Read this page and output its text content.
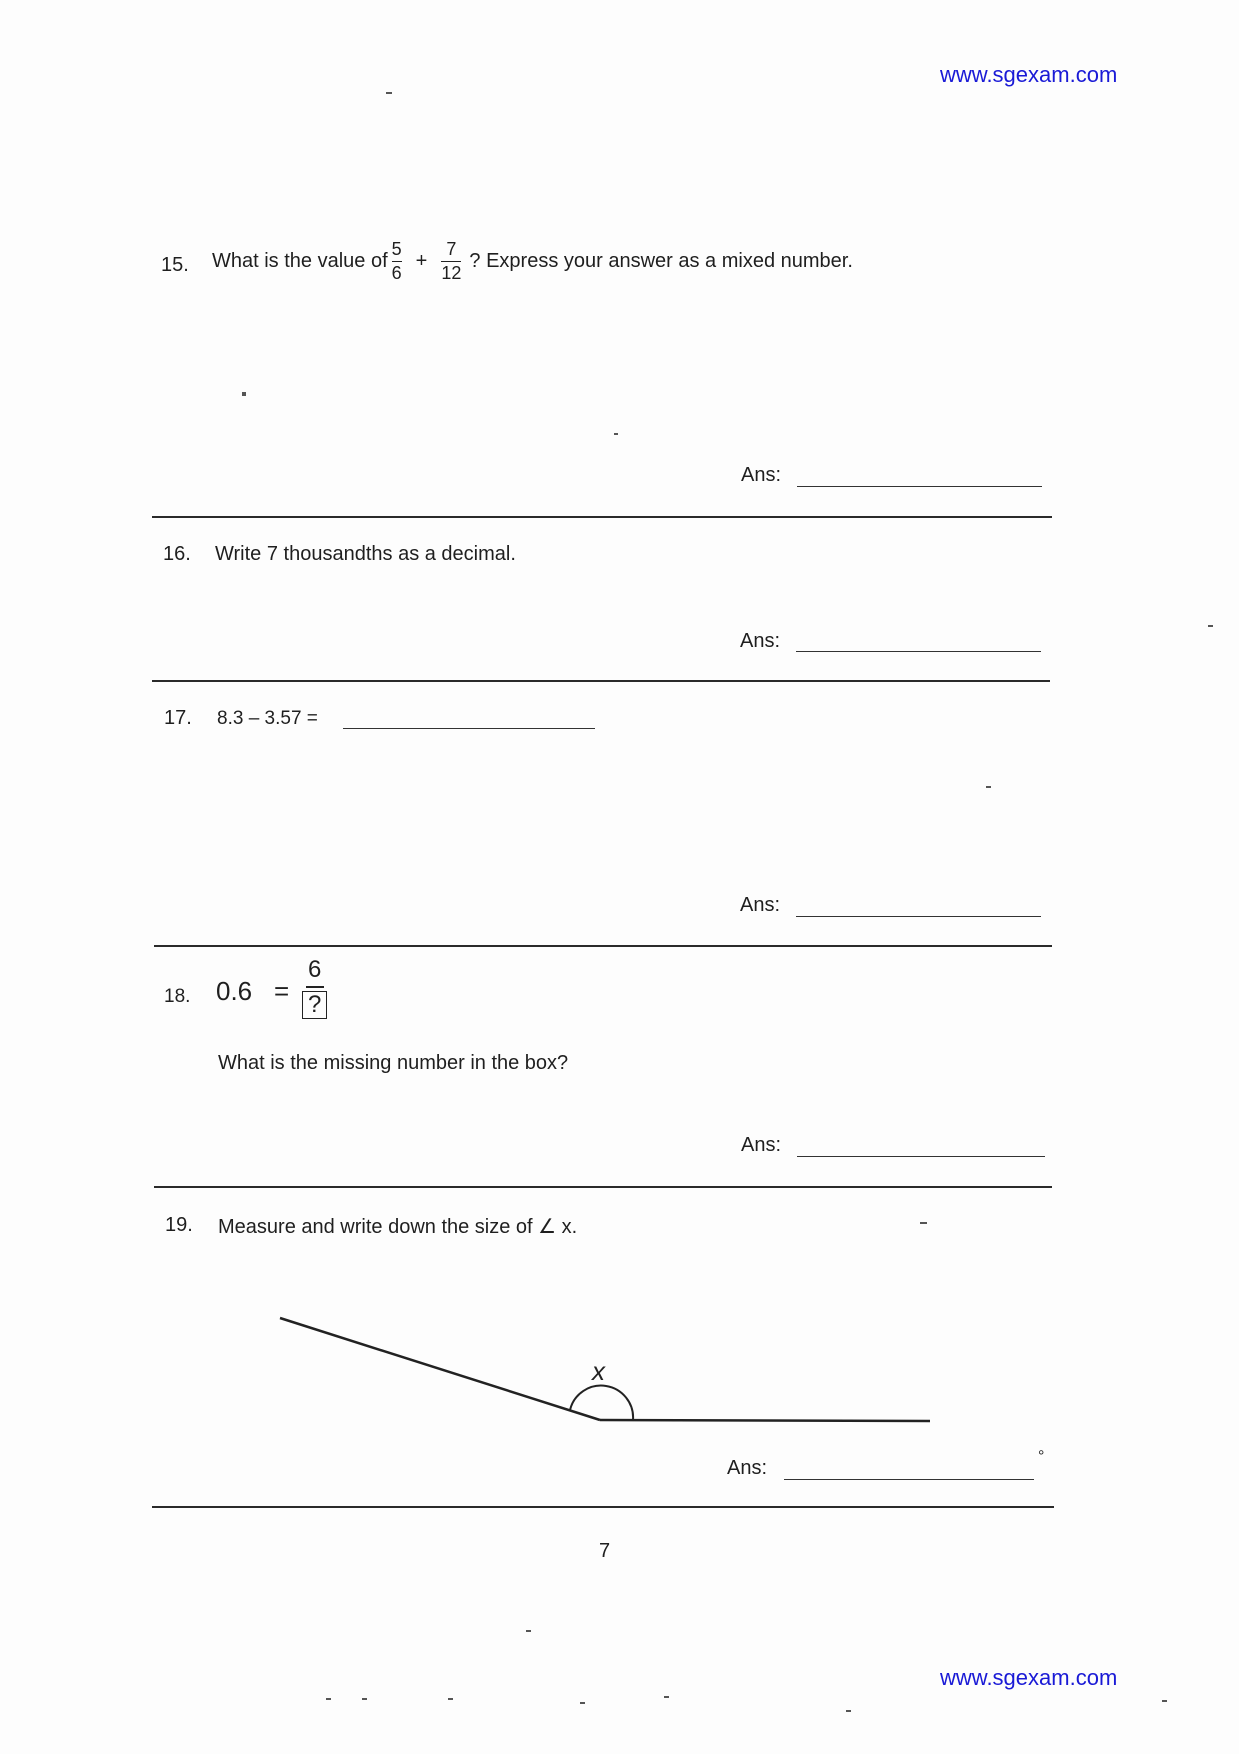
www.sgexam.com
15. What is the value of $\frac{5}{6} + \frac{7}{12}$ ? Express your answer as a mixed number.
Ans:
16. Write 7 thousandths as a decimal.
Ans:
17. 8.3 – 3.57 =
Ans:
18. 0.6 =
6
?
What is the missing number in the box?
Ans:
19. Measure and write down the size of ∠ x.
x
Ans:
°
7
www.sgexam.com
